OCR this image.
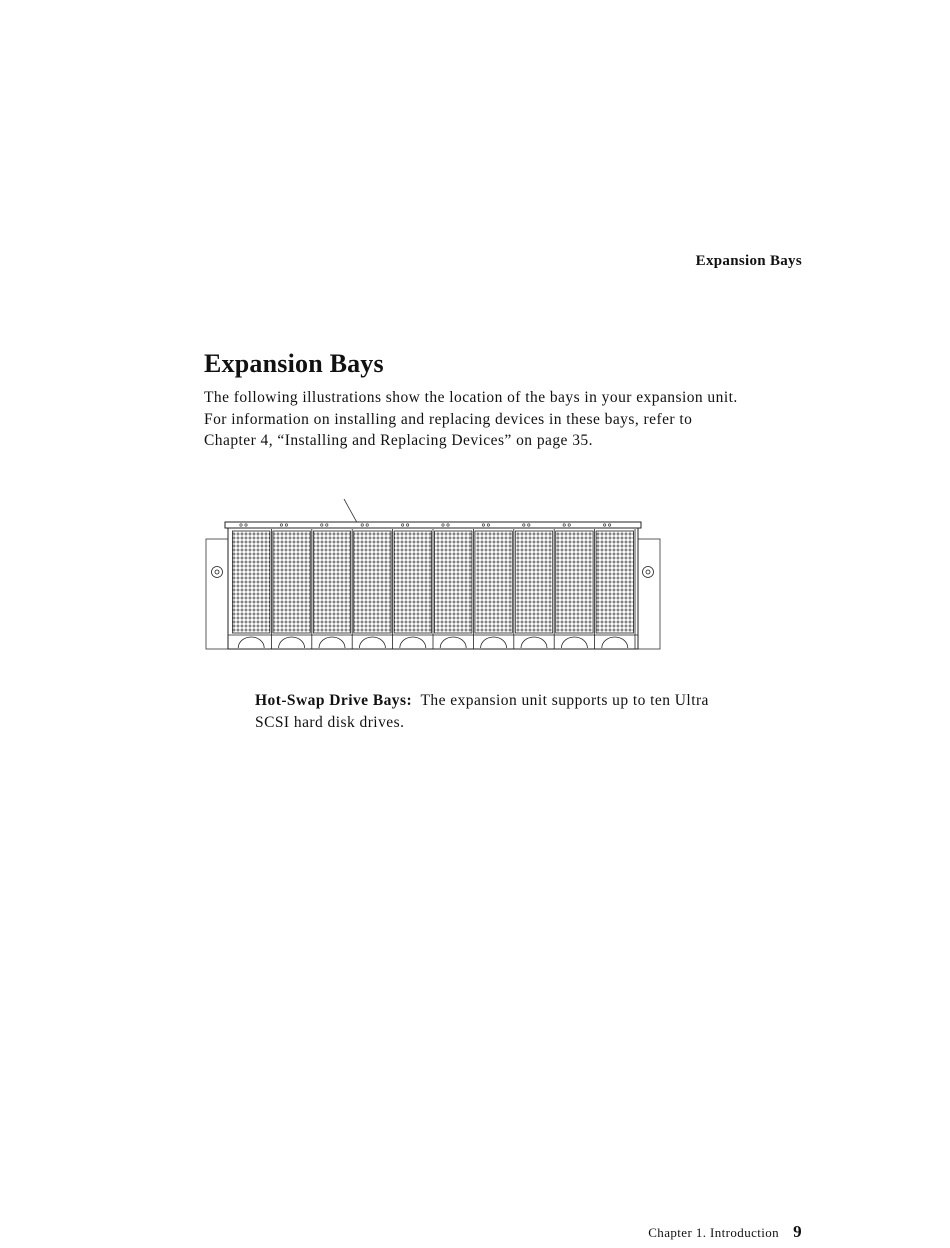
Expansion Bays
Expansion Bays

The following illustrations show the location of the bays in your expansion unit. For information on installing and replacing devices in these bays, refer to Chapter 4, “Installing and Replacing Devices” on page 35.

Hot-Swap Drive Bays: The expansion unit supports up to ten Ultra SCSI hard disk drives.

Chapter 1. Introduction 9
